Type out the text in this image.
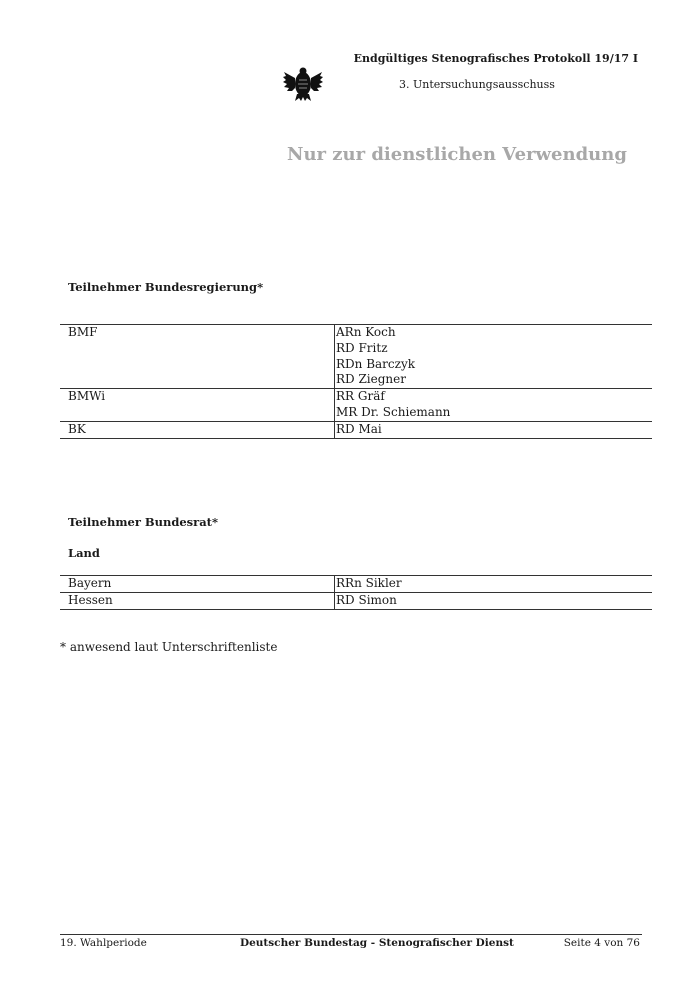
Endgültiges Stenografisches Protokoll 19/17 I
3. Untersuchungsausschuss
Nur zur dienstlichen Verwendung
Teilnehmer Bundesregierung*
BMF	ARn Koch
RD Fritz
RDn Barczyk
RD Ziegner

BMWi	RR Gräf
MR Dr. Schiemann

BK	RD Mai
Teilnehmer Bundesrat*
Land
Bayern	RRn Sikler
Hessen	RD Simon
* anwesend laut Unterschriftenliste
19. Wahlperiode	Deutscher Bundestag - Stenografischer Dienst	Seite 4 von 76
